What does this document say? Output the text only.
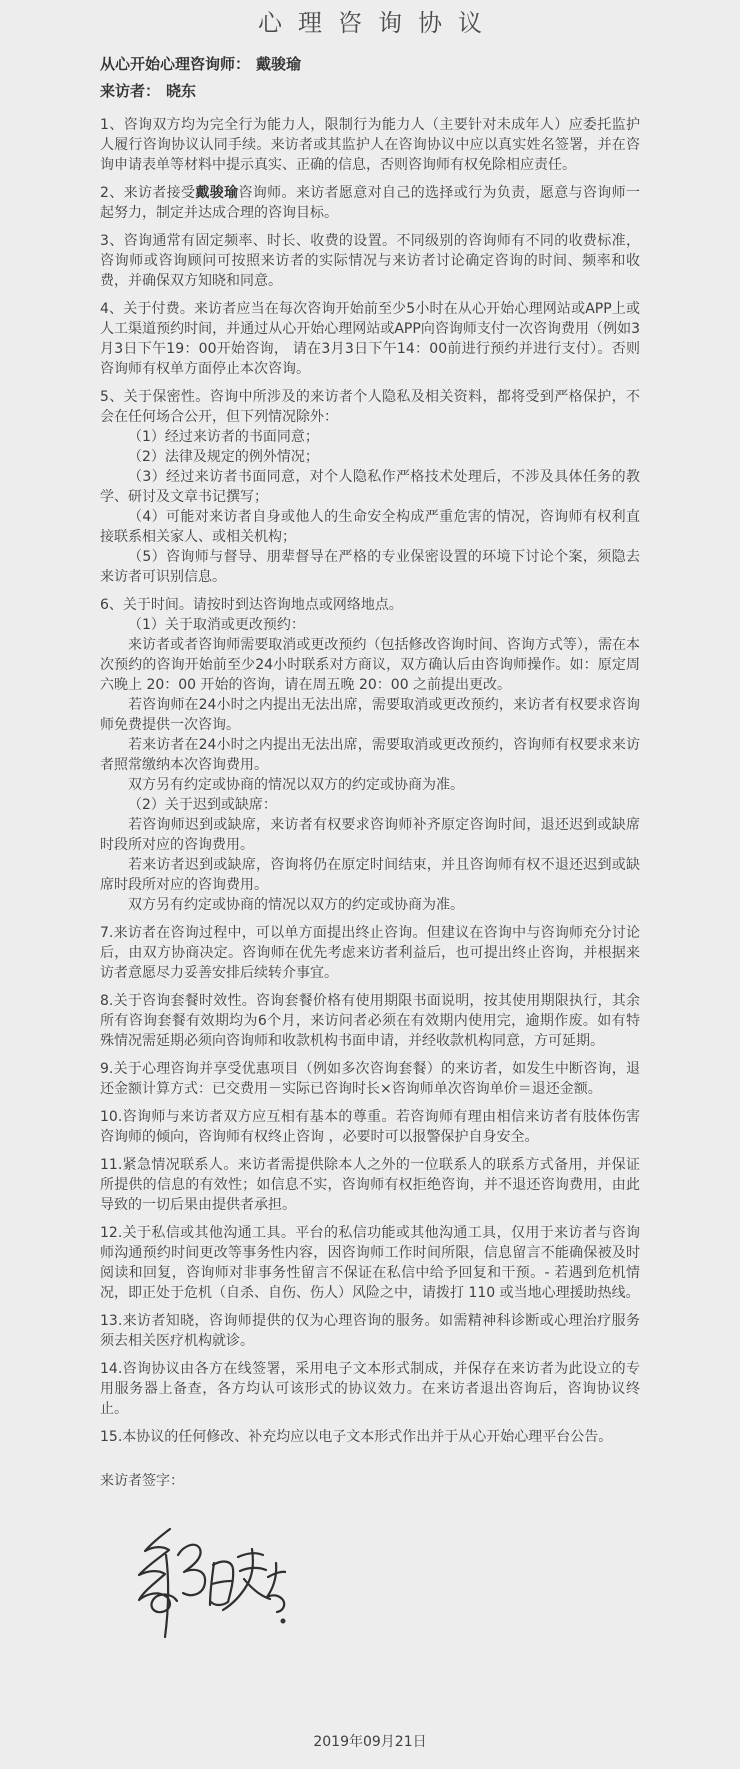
心理咨询协议
从心开始心理咨询师： 戴骏瑜
来访者： 晓东
1、咨询双方均为完全行为能力人，限制行为能力人（主要针对未成年人）应委托监护人履行咨询协议认同手续。来访者或其监护人在咨询协议中应以真实姓名签署，并在咨询申请表单等材料中提示真实、正确的信息，否则咨询师有权免除相应责任。
2、来访者接受戴骏瑜咨询师。来访者愿意对自己的选择或行为负责，愿意与咨询师一起努力，制定并达成合理的咨询目标。
3、咨询通常有固定频率、时长、收费的设置。不同级别的咨询师有不同的收费标准，咨询师或咨询顾问可按照来访者的实际情况与来访者讨论确定咨询的时间、频率和收费，并确保双方知晓和同意。
4、关于付费。来访者应当在每次咨询开始前至少5小时在从心开始心理网站或APP上或人工渠道预约时间，并通过从心开始心理网站或APP向咨询师支付一次咨询费用（例如3月3日下午19：00开始咨询， 请在3月3日下午14：00前进行预约并进行支付）。否则咨询师有权单方面停止本次咨询。
5、关于保密性。咨询中所涉及的来访者个人隐私及相关资料，都将受到严格保护，不会在任何场合公开，但下列情况除外：
（1）经过来访者的书面同意；
（2）法律及规定的例外情况；
（3）经过来访者书面同意，对个人隐私作严格技术处理后，不涉及具体任务的教学、研讨及文章书记撰写；
（4）可能对来访者自身或他人的生命安全构成严重危害的情况，咨询师有权利直接联系相关家人、或相关机构；
（5）咨询师与督导、朋辈督导在严格的专业保密设置的环境下讨论个案，须隐去来访者可识别信息。
6、关于时间。请按时到达咨询地点或网络地点。
（1）关于取消或更改预约：
来访者或者咨询师需要取消或更改预约（包括修改咨询时间、咨询方式等），需在本次预约的咨询开始前至少24小时联系对方商议，双方确认后由咨询师操作。如：原定周六晚上 20：00 开始的咨询，请在周五晚 20：00 之前提出更改。
若咨询师在24小时之内提出无法出席，需要取消或更改预约，来访者有权要求咨询师免费提供一次咨询。
若来访者在24小时之内提出无法出席，需要取消或更改预约，咨询师有权要求来访者照常缴纳本次咨询费用。
双方另有约定或协商的情况以双方的约定或协商为准。
（2）关于迟到或缺席：
若咨询师迟到或缺席，来访者有权要求咨询师补齐原定咨询时间，退还迟到或缺席时段所对应的咨询费用。
若来访者迟到或缺席，咨询将仍在原定时间结束，并且咨询师有权不退还迟到或缺席时段所对应的咨询费用。
双方另有约定或协商的情况以双方的约定或协商为准。
7.来访者在咨询过程中，可以单方面提出终止咨询。但建议在咨询中与咨询师充分讨论后，由双方协商决定。咨询师在优先考虑来访者利益后，也可提出终止咨询，并根据来访者意愿尽力妥善安排后续转介事宜。
8.关于咨询套餐时效性。咨询套餐价格有使用期限书面说明，按其使用期限执行，其余所有咨询套餐有效期均为6个月，来访问者必须在有效期内使用完，逾期作废。如有特殊情况需延期必须向咨询师和收款机构书面申请，并经收款机构同意，方可延期。
9.关于心理咨询并享受优惠项目（例如多次咨询套餐）的来访者，如发生中断咨询，退还金额计算方式：已交费用－实际已咨询时长×咨询师单次咨询单价＝退还金额。
10.咨询师与来访者双方应互相有基本的尊重。若咨询师有理由相信来访者有肢体伤害咨询师的倾向，咨询师有权终止咨询 ，必要时可以报警保护自身安全。
11.紧急情况联系人。来访者需提供除本人之外的一位联系人的联系方式备用，并保证所提供的信息的有效性；如信息不实，咨询师有权拒绝咨询，并不退还咨询费用，由此导致的一切后果由提供者承担。
12.关于私信或其他沟通工具。平台的私信功能或其他沟通工具，仅用于来访者与咨询师沟通预约时间更改等事务性内容，因咨询师工作时间所限，信息留言不能确保被及时阅读和回复，咨询师对非事务性留言不保证在私信中给予回复和干预。- 若遇到危机情况，即正处于危机（自杀、自伤、伤人）风险之中，请拨打 110 或当地心理援助热线。
13.来访者知晓，咨询师提供的仅为心理咨询的服务。如需精神科诊断或心理治疗服务须去相关医疗机构就诊。
14.咨询协议由各方在线签署，采用电子文本形式制成，并保存在来访者为此设立的专用服务器上备查，各方均认可该形式的协议效力。在来访者退出咨询后，咨询协议终止。
15.本协议的任何修改、补充均应以电子文本形式作出并于从心开始心理平台公告。
来访者签字：
2019年09月21日
